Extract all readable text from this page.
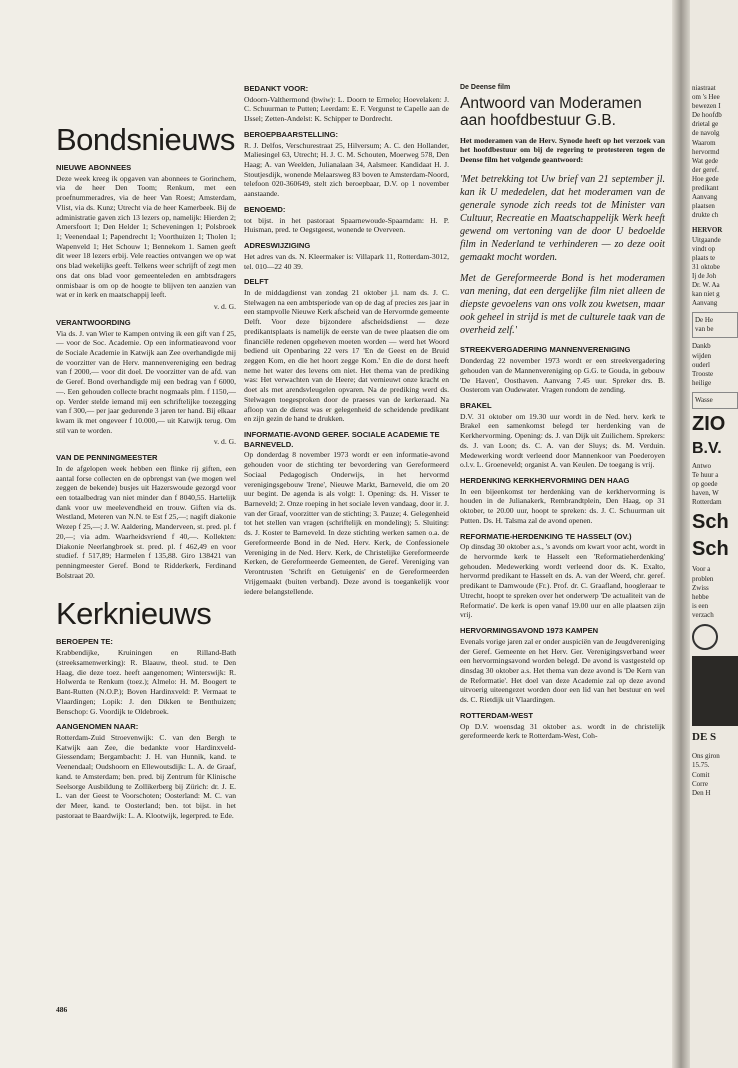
Bondsnieuws
NIEUWE ABONNEES

Deze week kreeg ik opgaven van abonnees te Gorinchem, via de heer Den Toom; Renkum, met een proefnummeradres, via de heer Van Roest; Amsterdam, Vlist, via ds. Kunz; Utrecht via de heer Kamerbeek. Bij de administratie gaven zich 13 lezers op, namelijk: Hierden 2; Amersfoort 1; Den Helder 1; Scheveningen 1; Polsbroek 1; Veenendaal 1; Papendrecht 1; Voorthuizen 1; Tholen 1; Wapenveld 1; Het Schouw 1; Bennekom 1. Samen geeft dit weer 18 lezers erbij. Vele reacties ontvangen we op wat ons blad wekelijks geeft. Telkens weer schrijft of zegt men ons dat ons blad voor gemeenteleden en ambtsdragers onmisbaar is om op de hoogte te blijven ten aanzien van wat er in kerk en maatschappij leeft.

v. d. G.

VERANTWOORDING

Via ds. J. van Wier te Kampen ontving ik een gift van f 25,— voor de Soc. Academie. Op een informatieavond voor de Sociale Academie in Katwijk aan Zee overhandigde mij de voorzitter van de Herv. mannenvereniging een bedrag van f 2000,— voor dit doel. De voorzitter van de afd. van de Geref. Bond overhandigde mij een bedrag van f 6000,—. Een gehouden collecte bracht nogmaals plm. f 1150,— op. Verder stelde iemand mij een schriftelijke toezegging van f 300,— per jaar gedurende 3 jaren ter hand. Bij elkaar kwam ik met ongeveer f 10.000,— uit Katwijk terug. Om stil van te worden.

v. d. G.

VAN DE PENNINGMEESTER

In de afgelopen week hebben een flinke rij giften, een aantal forse collecten en de opbrengst van (we mogen wel zeggen de bekende) busjes uit Hazerswoude gezorgd voor een totaalbedrag van niet minder dan f 8040,55. Hartelijk dank voor uw meelevendheid en trouw. Giften via ds. Westland, Meteren van N.N. te Est f 25,—; nagift diakonie Wezep f 25,—; J. W. Aaldering, Manderveen, st. pred. pl. f 20,—; via adm. Waarheidsvriend f 40,—. Kollekten: Diakonie Neerlangbroek st. pred. pl. f 462,49 en voor studief. f 517,89; Harmelen f 135,88. Giro 138421 van penningmeester Geref. Bond te Ridderkerk, Ferdinand Bolstraat 20.

Kerknieuws
BEROEPEN TE:

Krabbendijke, Kruiningen en Rilland-Bath (streeksamenwerking): R. Blaauw, theol. stud. te Den Haag, die deze toez. heeft aangenomen; Winterswijk: R. Holwerda te Renkum (toez.); Almelo: H. M. Boogert te Bant-Rutten (N.O.P.); Boven Hardinxveld: P. Vermaat te Vlaardingen; Lopik: J. den Dikken te Benthuizen; Benschop: G. Voordijk te Oldebroek.

AANGENOMEN NAAR:

Rotterdam-Zuid Stroevenwijk: C. van den Bergh te Katwijk aan Zee, die bedankte voor Hardinxveld-Giessendam; Bergambacht: J. H. van Hunnik, kand. te Veenendaal; Oudshoorn en Ellewoutsdijk: L. A. de Graaf, kand. te Amsterdam; ben. pred. bij Zentrum für Klinische Seelsorge Ausbildung te Zollikerberg bij Zürich: dr. J. E. L. van der Geest te Voorschoten; Oosterland: M. C. van der Meer, kand. te Oosterland; ben. tot bijst. in het pastoraat te Baardwijk: L. A. Klootwijk, legerpred. te Ede.

BEDANKT VOOR:

Odoorn-Valthermond (bwiw): L. Doorn te Ermelo; Hoevelaken: J. C. Schuurman te Putten; Leerdam: E. F. Vergunst te Capelle aan de IJssel; Zetten-Andelst: K. Schipper te Dordrecht.

BEROEPBAARSTELLING:

R. J. Delfos, Verschurestraat 25, Hilversum; A. C. den Hollander, Maliesingel 63, Utrecht; H. J. C. M. Schouten, Moerweg 578, Den Haag; A. van Weelden, Julianalaan 34, Aalsmeer. Kandidaat H. J. Stoutjesdijk, wonende Melaarsweg 83 boven te Amsterdam-Noord, telefoon 020-360649, stelt zich beroepbaar, D.V. op 1 november aanstaande.

BENOEMD:

tot bijst. in het pastoraat Spaarnewoude-Spaarndam: H. P. Huisman, pred. te Oegstgeest, wonende te Overveen.

ADRESWIJZIGING

Het adres van ds. N. Kleermaker is: Villapark 11, Rotterdam-3012, tel. 010—22 40 39.

DELFT

In de middagdienst van zondag 21 oktober j.l. nam ds. J. C. Stelwagen na een ambtsperiode van op de dag af precies zes jaar in een stampvolle Nieuwe Kerk afscheid van de Hervormde gemeente Delft. Voor deze bijzondere afscheidsdienst — deze predikantsplaats is namelijk de eerste van de twee plaatsen die om financiële redenen opgeheven moeten worden — werd het Woord bediend uit Openbaring 22 vers 17 'En de Geest en de Bruid zeggen Kom, en die het hoort zegge Kom.' En die de dorst heeft neme het water des levens om niet. Het thema van de prediking was: Het verwachten van de Heere; dat vernieuwt onze kracht en doet als met arendsvleugelen opvaren. Na de prediking werd ds. Stelwagen toegesproken door de praeses van de kerkeraad. Na afloop van de dienst was er gelegenheid de scheidende predikant en zijn gezin de hand te drukken.

INFORMATIE-AVOND GEREF. SOCIALE ACADEMIE TE BARNEVELD.

Op donderdag 8 november 1973 wordt er een informatie-avond gehouden voor de stichting ter bevordering van Gereformeerd Sociaal Pedagogisch Onderwijs, in het hervormd verenigingsgebouw 'Irene', Nieuwe Markt, Barneveld, die om 20 uur begint. De agenda is als volgt: 1. Opening: ds. H. Visser te Barneveld; 2. Onze roeping in het sociale leven vandaag, door ir. J. van der Graaf, voorzitter van de stichting; 3. Pauze; 4. Gelegenheid tot het stellen van vragen (schriftelijk en mondeling); 5. Sluiting: ds. J. Koster te Barneveld. In deze stichting werken samen o.a. de Gereformeerde Bond in de Ned. Herv. Kerk, de Confessionele Vereniging in de Ned. Herv. Kerk, de Christelijke Gereformeerde Kerken, de Gereformeerde Gemeenten, de Geref. Vereniging van Verontrusten 'Schrift en Getuigenis' en de Gereformeerden Vrijgemaakt (buiten verband). Deze avond is toegankelijk voor iedere belangstellende.

De Deense film
Antwoord van Moderamen aan hoofdbestuur G.B.

Het moderamen van de Herv. Synode heeft op het verzoek van het hoofdbestuur om bij de regering te protesteren tegen de Deense film het volgende geantwoord:

'Met betrekking tot Uw brief van 21 september jl. kan ik U mededelen, dat het moderamen van de generale synode zich reeds tot de Minister van Cultuur, Recreatie en Maatschappelijk Werk heeft gewend om vertoning van de door U bedoelde film in Nederland te verhinderen — zo deze ooit gemaakt mocht worden.

Met de Gereformeerde Bond is het moderamen van mening, dat een dergelijke film niet alleen de diepste gevoelens van ons volk zou kwetsen, maar ook geheel in strijd is met de culturele taak van de overheid zelf.'

STREEKVERGADERING MANNENVERENIGING

Donderdag 22 november 1973 wordt er een streekvergadering gehouden van de Mannenvereniging op G.G. te Gouda, in gebouw 'De Haven', Oosthaven. Aanvang 7.45 uur. Spreker drs. B. Oosterom van Oudewater. Vragen rondom de zending.

BRAKEL

D.V. 31 oktober om 19.30 uur wordt in de Ned. herv. kerk te Brakel een samenkomst belegd ter herdenking van de Kerkhervorming. Opening: ds. J. van Dijk uit Zuilichem. Sprekers: ds. J. van Loon; ds. C. A. van der Sluys; ds. M. Verduin. Medewerking wordt verleend door Mannenkoor van Poederoyen o.l.v. L. Groeneveld; organist A. van Keulen. De toegang is vrij.

HERDENKING KERKHERVORMING DEN HAAG

In een bijeenkomst ter herdenking van de kerkhervorming is houden in de Julianakerk, Rembrandtplein, Den Haag, op 31 oktober, te 20.00 uur, hoopt te spreken: ds. J. C. Schuurman uit Putten. Ds. H. Talsma zal de avond openen.

REFORMATIE-HERDENKING TE HASSELT (OV.)

Op dinsdag 30 oktober a.s., 's avonds om kwart voor acht, wordt in de hervormde kerk te Hasselt een 'Reformatieherdenking' gehouden. Medewerking wordt verleend door ds. K. Exalto, hervormd predikant te Hasselt en ds. A. van der Weerd, chr. geref. predikant te Damwoude (Fr.). Prof. dr. C. Graafland, hoogleraar te Utrecht, hoopt te spreken over het onderwerp 'De actualiteit van de Reformatie'. De kerk is open vanaf 19.00 uur en alle plaatsen zijn vrij.

HERVORMINGSAVOND 1973 KAMPEN

Evenals vorige jaren zal er onder auspiciën van de Jeugdvereniging der Geref. Gemeente en het Herv. Ger. Verenigingsverband weer een hervormingsavond worden belegd. De avond is vastgesteld op dinsdag 30 oktober a.s. Het thema van deze avond is 'De Kern van de Reformatie'. Het doel van deze Academie zal op deze avond uitvoerig uiteengezet worden door een lid van het bestuur en wel ds. C. Rietdijk uit Vlaardingen.

ROTTERDAM-WEST

Op D.V. woensdag 31 oktober a.s. wordt in de christelijk gereformeerde kerk te Rotterdam-West, Coh-

486

niastraat

om 's Hee

bewezen I

De hoofdb

drietal ge

de navolg

Waarom

hervormd

Wat gede

der geref.

Hoe gede

predikant

Aanvang

plaatsen

drukte ch

HERVOR

Uitgaande

vindt op

plaats te

31 oktobe

Ij de Joh

Dr. W. Aa

kan niet g

Aanvang

De He

van be

Dankb

wijden

ouderl

Trooste

heilige

Wasse

ZIO
B.V.

Antwo

Te huur a

op goede

haven, W

Rotterdam

Sch
Sch

Voor a

problen

Zwiss

hebbe

is een

verzach

DE S

Ons giron

15.75.

Comit

Corre

Den H
